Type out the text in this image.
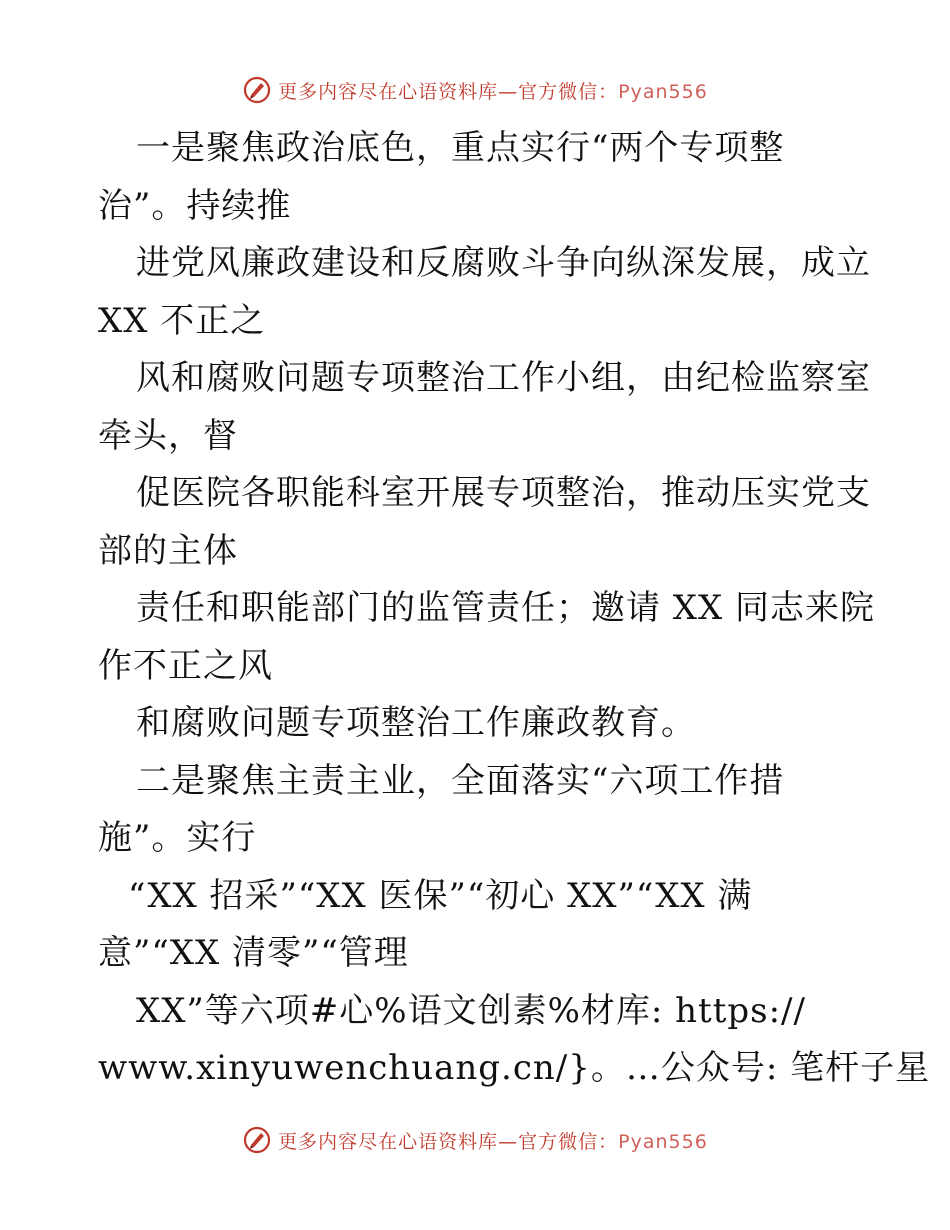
更多内容尽在心语资料库—官方微信：Pyan556
一是聚焦政治底色，重点实行“两个专项整
治”。持续推
进党风廉政建设和反腐败斗争向纵深发展，成立
XX 不正之
风和腐败问题专项整治工作小组，由纪检监察室
牵头，督
促医院各职能科室开展专项整治，推动压实党支
部的主体
责任和职能部门的监管责任；邀请 XX 同志来院
作不正之风
和腐败问题专项整治工作廉政教育。
二是聚焦主责主业，全面落实“六项工作措
施”。实行
“XX 招采”“XX 医保”“初心 XX”“XX 满
意”“XX 清零”“管理
XX”等六项#心%语文创素%材库: https://
www.xinyuwenchuang.cn/}。…公众号: 笔杆子星
更多内容尽在心语资料库—官方微信：Pyan556
